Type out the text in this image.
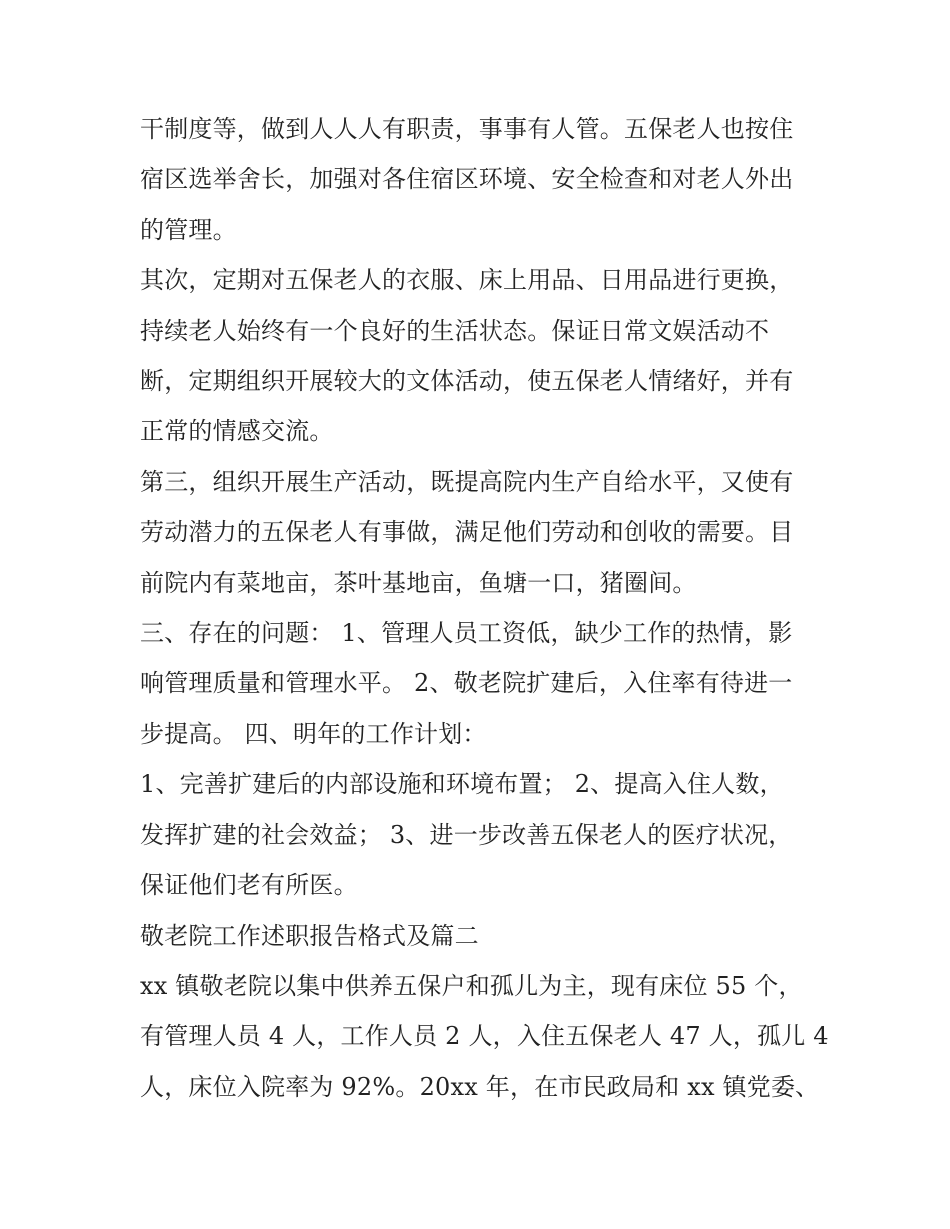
干制度等，做到人人人有职责，事事有人管。五保老人也按住
宿区选举舍长，加强对各住宿区环境、安全检查和对老人外出
的管理。
其次，定期对五保老人的衣服、床上用品、日用品进行更换，
持续老人始终有一个良好的生活状态。保证日常文娱活动不
断，定期组织开展较大的文体活动，使五保老人情绪好，并有
正常的情感交流。
第三，组织开展生产活动，既提高院内生产自给水平，又使有
劳动潜力的五保老人有事做，满足他们劳动和创收的需要。目
前院内有菜地亩，茶叶基地亩，鱼塘一口，猪圈间。
三、存在的问题： 1、管理人员工资低，缺少工作的热情，影
响管理质量和管理水平。 2、敬老院扩建后，入住率有待进一
步提高。 四、明年的工作计划：
1、完善扩建后的内部设施和环境布置； 2、提高入住人数，
发挥扩建的社会效益； 3、进一步改善五保老人的医疗状况，
保证他们老有所医。
敬老院工作述职报告格式及篇二
xx 镇敬老院以集中供养五保户和孤儿为主，现有床位 55 个，
有管理人员 4 人，工作人员 2 人，入住五保老人 47 人，孤儿 4
人，床位入院率为 92%。20xx 年，在市民政局和 xx 镇党委、
